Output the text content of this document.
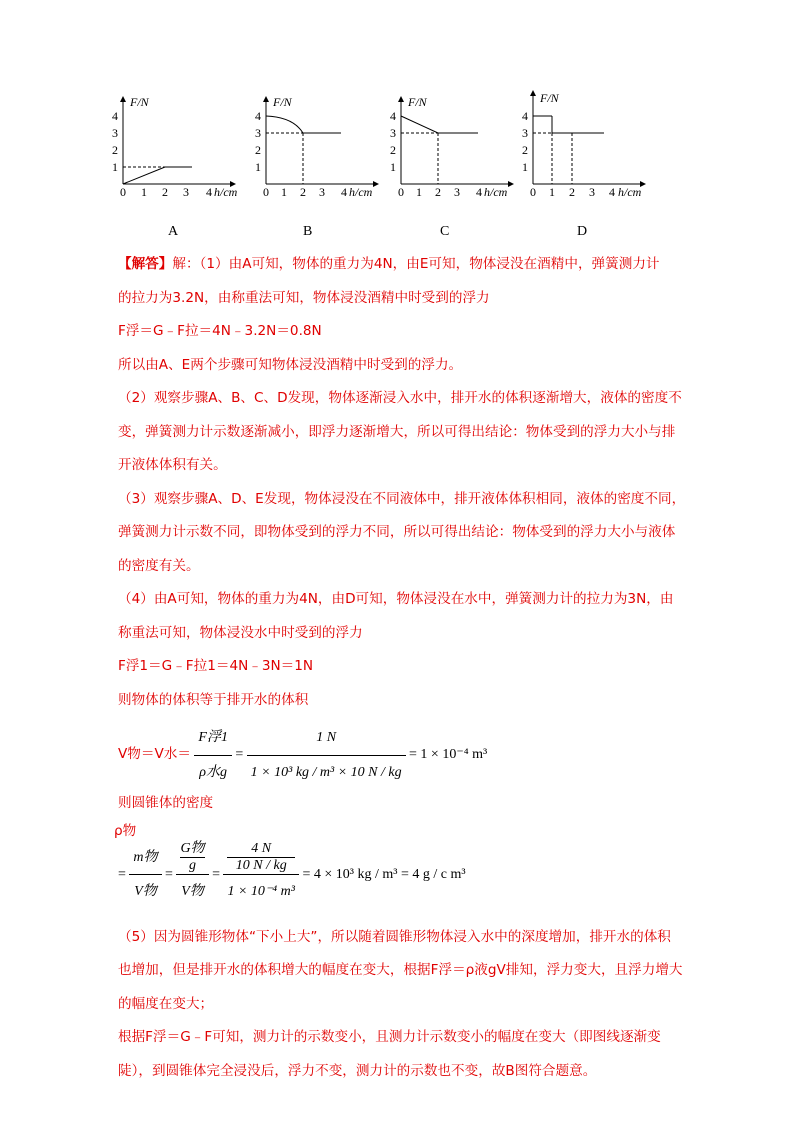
F/N
1
2
3
4
0 1 2 3 4 h/cm
F/N
1
2
3
4
0 1 2 3 4 h/cm
F/N
1
2
3
4
0 1 2 3 4 h/cm
F/N
1
2
3
4
0 1 2 3 4 h/cm
A	B	C	D
【解答】解：（1）由A可知，物体的重力为4N，由E可知，物体浸没在酒精中，弹簧测力计
的拉力为3.2N，由称重法可知，物体浸没酒精中时受到的浮力
F浮＝G﹣F拉＝4N﹣3.2N＝0.8N
所以由A、E两个步骤可知物体浸没酒精中时受到的浮力。
（2）观察步骤A、B、C、D发现，物体逐渐浸入水中，排开水的体积逐渐增大，液体的密度不
变，弹簧测力计示数逐渐减小，即浮力逐渐增大，所以可得出结论：物体受到的浮力大小与排
开液体体积有关。
（3）观察步骤A、D、E发现，物体浸没在不同液体中，排开液体体积相同，液体的密度不同，
弹簧测力计示数不同，即物体受到的浮力不同，所以可得出结论：物体受到的浮力大小与液体
的密度有关。
（4）由A可知，物体的重力为4N，由D可知，物体浸没在水中，弹簧测力计的拉力为3N，由
称重法可知，物体浸没水中时受到的浮力
F浮1＝G﹣F拉1＝4N﹣3N＝1N
则物体的体积等于排开水的体积
V物＝V水＝ $\frac{\text{F浮1}}{\text{ρ水g}} = \frac{1 N}{\text{1 × 10³ kg / m³ × 10 N / kg}} = 1 \times 10^{-4}$ m³
则圆锥体的密度
ρ物
= $\frac{\text{m物}}{\text{V物}} = G$物
g
V物 = 4 N
10 N / kg
1 × 10⁻⁴ m³ = 4 × 10³ kg / m³ = 4 g / c m³
（5）因为圆锥形物体“下小上大”，所以随着圆锥形物体浸入水中的深度增加，排开水的体积
也增加，但是排开水的体积增大的幅度在变大，根据F浮＝ρ液gV排知，浮力变大，且浮力增大
的幅度在变大；
根据F浮＝G﹣F可知，测力计的示数变小，且测力计示数变小的幅度在变大（即图线逐渐变
陡），到圆锥体完全浸没后，浮力不变，测力计的示数也不变，故B图符合题意。
